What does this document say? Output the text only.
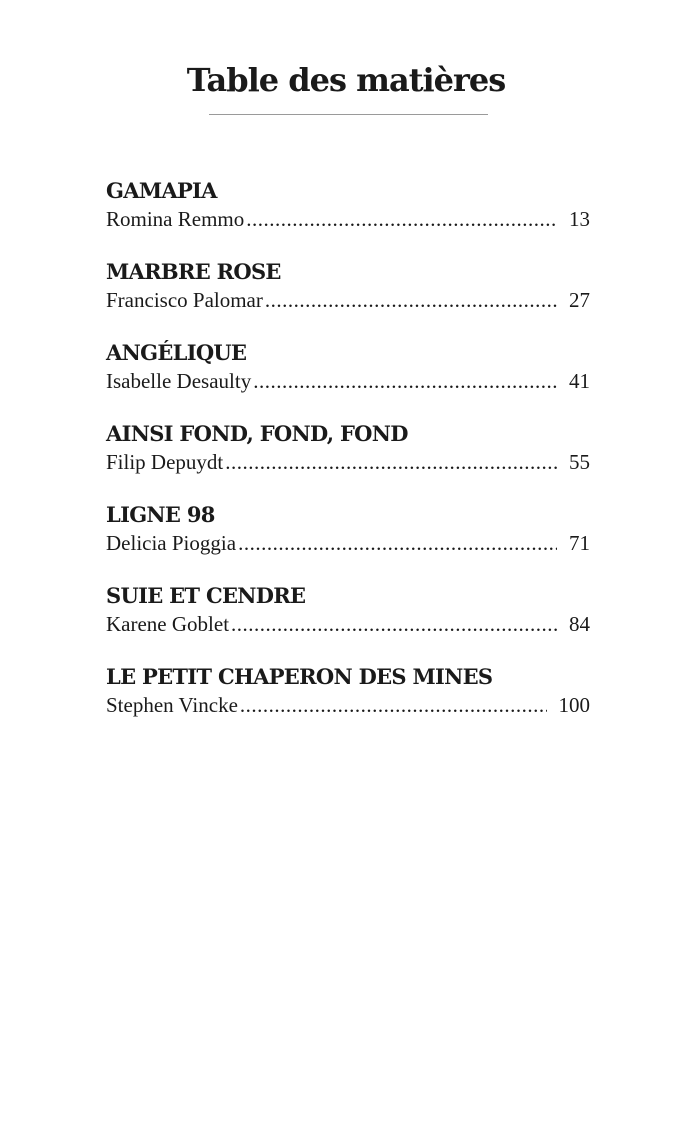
Table des matières
GAMAPIA
Romina Remmo .....	13
MARBRE ROSE
Francisco Palomar .....	27
ANGÉLIQUE
Isabelle Desaulty .....	41
AINSI FOND, FOND, FOND
Filip Depuydt .....	55
LIGNE 98
Delicia Pioggia .....	71
SUIE ET CENDRE
Karene Goblet .....	84
LE PETIT CHAPERON DES MINES
Stephen Vincke .....	100
